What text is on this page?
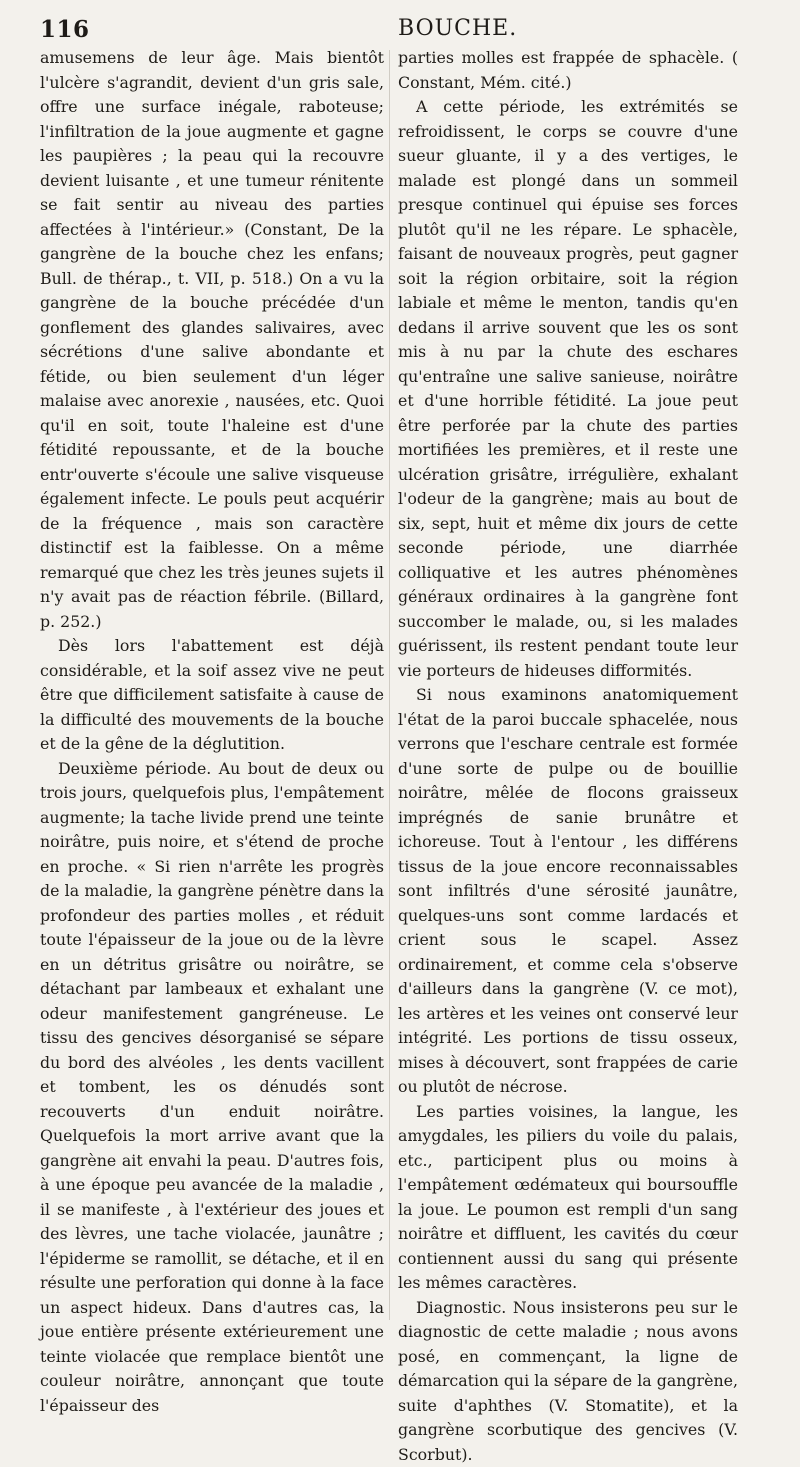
116	BOUCHE.

amusemens de leur âge. Mais bientôt l'ulcère s'agrandit, devient d'un gris sale, offre une surface inégale, raboteuse; l'infiltration de la joue augmente et gagne les paupières ; la peau qui la recouvre devient luisante , et une tumeur rénitente se fait sentir au niveau des parties affectées à l'intérieur.» (Constant, De la gangrène de la bouche chez les enfans; Bull. de thérap., t. VII, p. 518.) On a vu la gangrène de la bouche précédée d'un gonflement des glandes salivaires, avec sécrétions d'une salive abondante et fétide, ou bien seulement d'un léger malaise avec anorexie , nausées, etc. Quoi qu'il en soit, toute l'haleine est d'une fétidité repoussante, et de la bouche entr'ouverte s'écoule une salive visqueuse également infecte. Le pouls peut acquérir de la fréquence , mais son caractère distinctif est la faiblesse. On a même remarqué que chez les très jeunes sujets il n'y avait pas de réaction fébrile. (Billard, p. 252.)

Dès lors l'abattement est déjà considérable, et la soif assez vive ne peut être que difficilement satisfaite à cause de la difficulté des mouvements de la bouche et de la gêne de la déglutition.

Deuxième période. Au bout de deux ou trois jours, quelquefois plus, l'empâtement augmente; la tache livide prend une teinte noirâtre, puis noire, et s'étend de proche en proche. « Si rien n'arrête les progrès de la maladie, la gangrène pénètre dans la profondeur des parties molles , et réduit toute l'épaisseur de la joue ou de la lèvre en un détritus grisâtre ou noirâtre, se détachant par lambeaux et exhalant une odeur manifestement gangréneuse. Le tissu des gencives désorganisé se sépare du bord des alvéoles , les dents vacillent et tombent, les os dénudés sont recouverts d'un enduit noirâtre. Quelquefois la mort arrive avant que la gangrène ait envahi la peau. D'autres fois, à une époque peu avancée de la maladie , il se manifeste , à l'extérieur des joues et des lèvres, une tache violacée, jaunâtre ; l'épiderme se ramollit, se détache, et il en résulte une perforation qui donne à la face un aspect hideux. Dans d'autres cas, la joue entière présente extérieurement une teinte violacée que remplace bientôt une couleur noirâtre, annonçant que toute l'épaisseur des

parties molles est frappée de sphacèle. ( Constant, Mém. cité.)

A cette période, les extrémités se refroidissent, le corps se couvre d'une sueur gluante, il y a des vertiges, le malade est plongé dans un sommeil presque continuel qui épuise ses forces plutôt qu'il ne les répare. Le sphacèle, faisant de nouveaux progrès, peut gagner soit la région orbitaire, soit la région labiale et même le menton, tandis qu'en dedans il arrive souvent que les os sont mis à nu par la chute des eschares qu'entraîne une salive sanieuse, noirâtre et d'une horrible fétidité. La joue peut être perforée par la chute des parties mortifiées les premières, et il reste une ulcération grisâtre, irrégulière, exhalant l'odeur de la gangrène; mais au bout de six, sept, huit et même dix jours de cette seconde période, une diarrhée colliquative et les autres phénomènes généraux ordinaires à la gangrène font succomber le malade, ou, si les malades guérissent, ils restent pendant toute leur vie porteurs de hideuses difformités.

Si nous examinons anatomiquement l'état de la paroi buccale sphacelée, nous verrons que l'eschare centrale est formée d'une sorte de pulpe ou de bouillie noirâtre, mêlée de flocons graisseux imprégnés de sanie brunâtre et ichoreuse. Tout à l'entour , les différens tissus de la joue encore reconnaissables sont infiltrés d'une sérosité jaunâtre, quelques-uns sont comme lardacés et crient sous le scapel. Assez ordinairement, et comme cela s'observe d'ailleurs dans la gangrène (V. ce mot), les artères et les veines ont conservé leur intégrité. Les portions de tissu osseux, mises à découvert, sont frappées de carie ou plutôt de nécrose.

Les parties voisines, la langue, les amygdales, les piliers du voile du palais, etc., participent plus ou moins à l'empâtement œdémateux qui boursouffle la joue. Le poumon est rempli d'un sang noirâtre et diffluent, les cavités du cœur contiennent aussi du sang qui présente les mêmes caractères.

Diagnostic. Nous insisterons peu sur le diagnostic de cette maladie ; nous avons posé, en commençant, la ligne de démarcation qui la sépare de la gangrène, suite d'aphthes (V. Stomatite), et la gangrène scorbutique des gencives (V. Scorbut).
